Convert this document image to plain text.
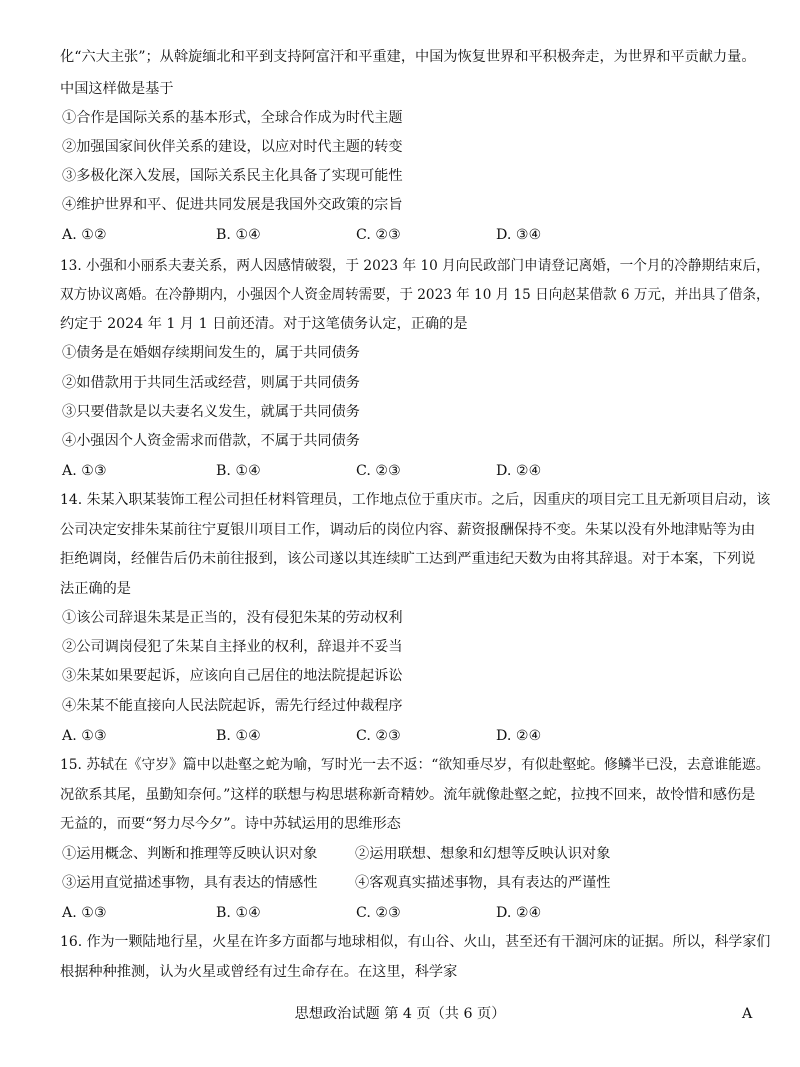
化“六大主张”；从斡旋缅北和平到支持阿富汗和平重建，中国为恢复世界和平积极奔走，为世界和平贡献力量。
中国这样做是基于
①合作是国际关系的基本形式，全球合作成为时代主题
②加强国家间伙伴关系的建设，以应对时代主题的转变
③多极化深入发展，国际关系民主化具备了实现可能性
④维护世界和平、促进共同发展是我国外交政策的宗旨
A. ①②	B. ①④	C. ②③	D. ③④
13. 小强和小丽系夫妻关系，两人因感情破裂，于 2023 年 10 月向民政部门申请登记离婚，一个月的冷静期结束后，
双方协议离婚。在冷静期内，小强因个人资金周转需要，于 2023 年 10 月 15 日向赵某借款 6 万元，并出具了借条，
约定于 2024 年 1 月 1 日前还清。对于这笔债务认定，正确的是
①债务是在婚姻存续期间发生的，属于共同债务
②如借款用于共同生活或经营，则属于共同债务
③只要借款是以夫妻名义发生，就属于共同债务
④小强因个人资金需求而借款，不属于共同债务
A. ①③	B. ①④	C. ②③	D. ②④
14. 朱某入职某装饰工程公司担任材料管理员，工作地点位于重庆市。之后，因重庆的项目完工且无新项目启动，该
公司决定安排朱某前往宁夏银川项目工作，调动后的岗位内容、薪资报酬保持不变。朱某以没有外地津贴等为由
拒绝调岗，经催告后仍未前往报到，该公司遂以其连续旷工达到严重违纪天数为由将其辞退。对于本案，下列说
法正确的是
①该公司辞退朱某是正当的，没有侵犯朱某的劳动权利
②公司调岗侵犯了朱某自主择业的权利，辞退并不妥当
③朱某如果要起诉，应该向自己居住的地法院提起诉讼
④朱某不能直接向人民法院起诉，需先行经过仲裁程序
A. ①③	B. ①④	C. ②③	D. ②④
15. 苏轼在《守岁》篇中以赴壑之蛇为喻，写时光一去不返：“欲知垂尽岁，有似赴壑蛇。修鳞半已没，去意谁能遮。
况欲系其尾，虽勤知奈何。”这样的联想与构思堪称新奇精妙。流年就像赴壑之蛇，拉拽不回来，故怜惜和感伤是
无益的，而要“努力尽今夕”。诗中苏轼运用的思维形态
①运用概念、判断和推理等反映认识对象	②运用联想、想象和幻想等反映认识对象
③运用直觉描述事物，具有表达的情感性	④客观真实描述事物，具有表达的严谨性
A. ①③	B. ①④	C. ②③	D. ②④
16. 作为一颗陆地行星，火星在许多方面都与地球相似，有山谷、火山，甚至还有干涸河床的证据。所以，科学家们
根据种种推测，认为火星或曾经有过生命存在。在这里，科学家
思想政治试题 第 4 页（共 6 页）	A
